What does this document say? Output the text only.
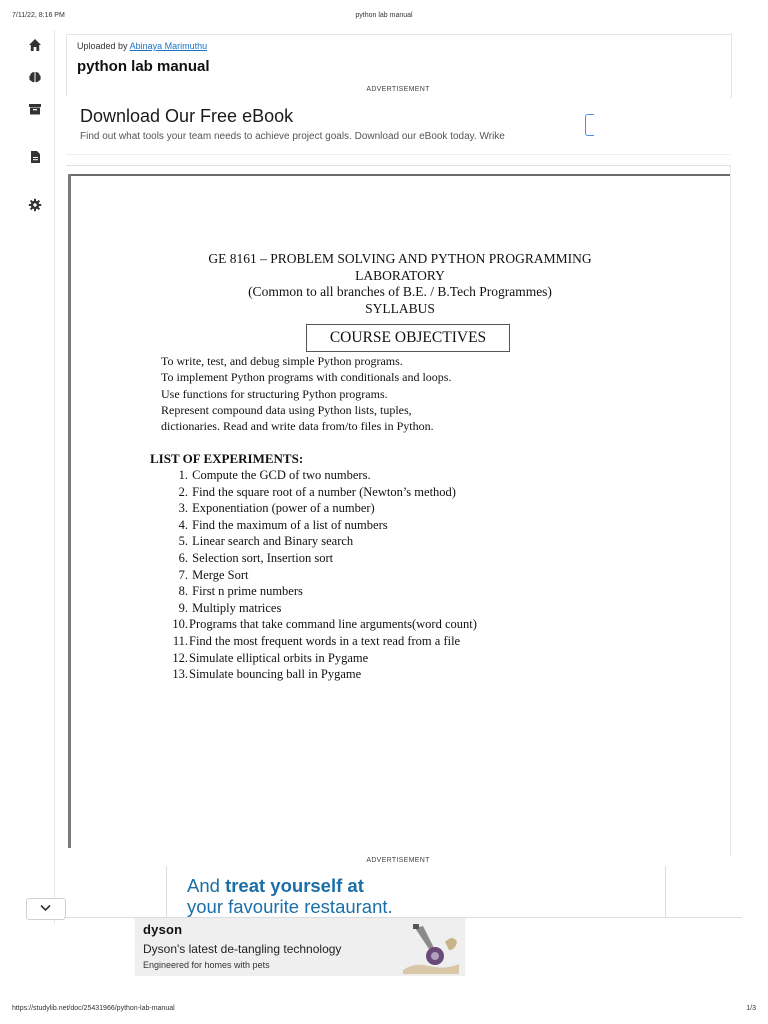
7/11/22, 8:16 PM	python lab manual
Uploaded by Abinaya Marimuthu
python lab manual
ADVERTISEMENT
Download Our Free eBook
Find out what tools your team needs to achieve project goals. Download our eBook today. Wrike
GE 8161 – PROBLEM SOLVING AND PYTHON PROGRAMMING
LABORATORY
(Common to all branches of B.E. / B.Tech Programmes)
SYLLABUS
COURSE OBJECTIVES
To write, test, and debug simple Python programs.
To implement Python programs with conditionals and loops.
Use functions for structuring Python programs.
Represent compound data using Python lists, tuples,
dictionaries. Read and write data from/to files in Python.
LIST OF EXPERIMENTS:
1. Compute the GCD of two numbers.
2. Find the square root of a number (Newton’s method)
3. Exponentiation (power of a number)
4. Find the maximum of a list of numbers
5. Linear search and Binary search
6. Selection sort, Insertion sort
7. Merge Sort
8. First n prime numbers
9. Multiply matrices
10.Programs that take command line arguments(word count)
11.Find the most frequent words in a text read from a file
12.Simulate elliptical orbits in Pygame
13.Simulate bouncing ball in Pygame
ADVERTISEMENT
And treat yourself at
your favourite restaurant.
dyson
Dyson's latest de-tangling technology
Engineered for homes with pets
https://studylib.net/doc/25431966/python-lab-manual	1/3
